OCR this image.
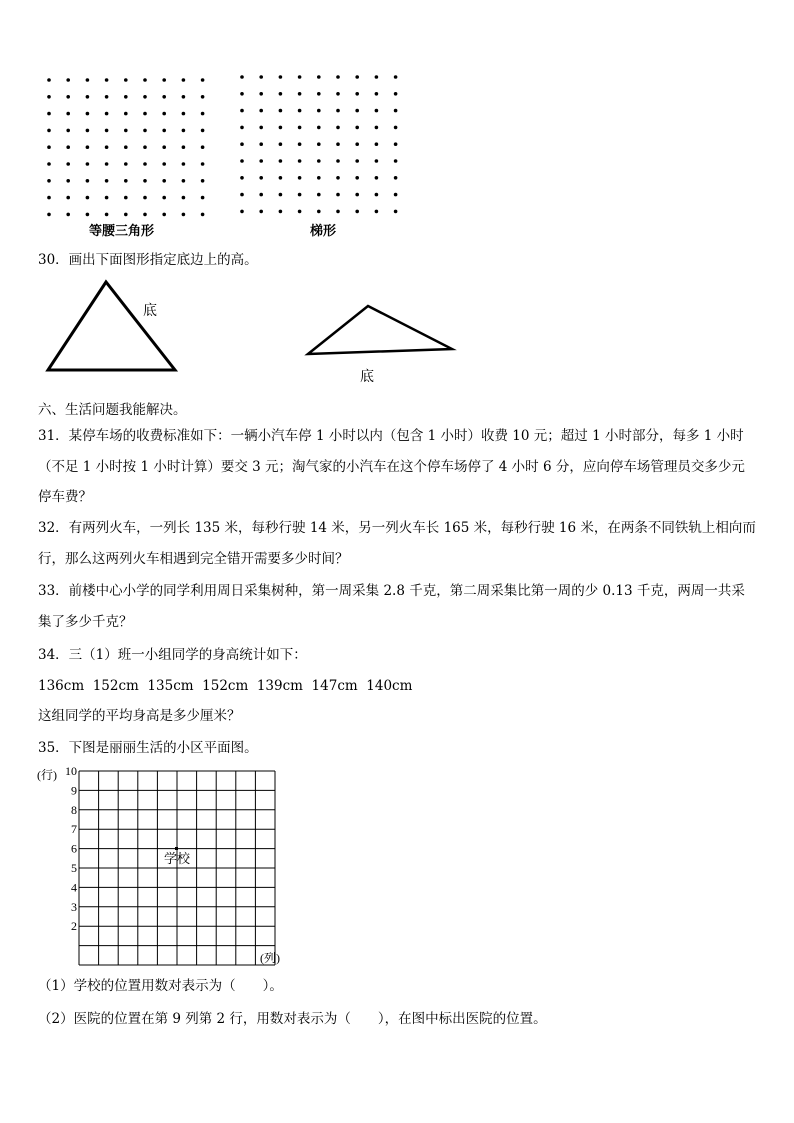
等腰三角形	梯形
30．画出下面图形指定底边上的高。
底
底
六、生活问题我能解决。
31．某停车场的收费标准如下：一辆小汽车停 1 小时以内（包含 1 小时）收费 10 元；超过 1 小时部分，每多 1 小时
（不足 1 小时按 1 小时计算）要交 3 元；淘气家的小汽车在这个停车场停了 4 小时 6 分，应向停车场管理员交多少元
停车费？
32．有两列火车，一列长 135 米，每秒行驶 14 米，另一列火车长 165 米，每秒行驶 16 米，在两条不同铁轨上相向而
行，那么这两列火车相遇到完全错开需要多少时间？
33．前楼中心小学的同学利用周日采集树种，第一周采集 2.8 千克，第二周采集比第一周的少 0.13 千克，两周一共采
集了多少千克？
34．三（1）班一小组同学的身高统计如下：
136cm  152cm  135cm  152cm  139cm  147cm  140cm
这组同学的平均身高是多少厘米？
35．下图是丽丽生活的小区平面图。
(行)
(列)
2
3
4
5
6
7
8
9
10
学校
（1）学校的位置用数对表示为（　　）。
（2）医院的位置在第 9 列第 2 行，用数对表示为（　　），在图中标出医院的位置。
